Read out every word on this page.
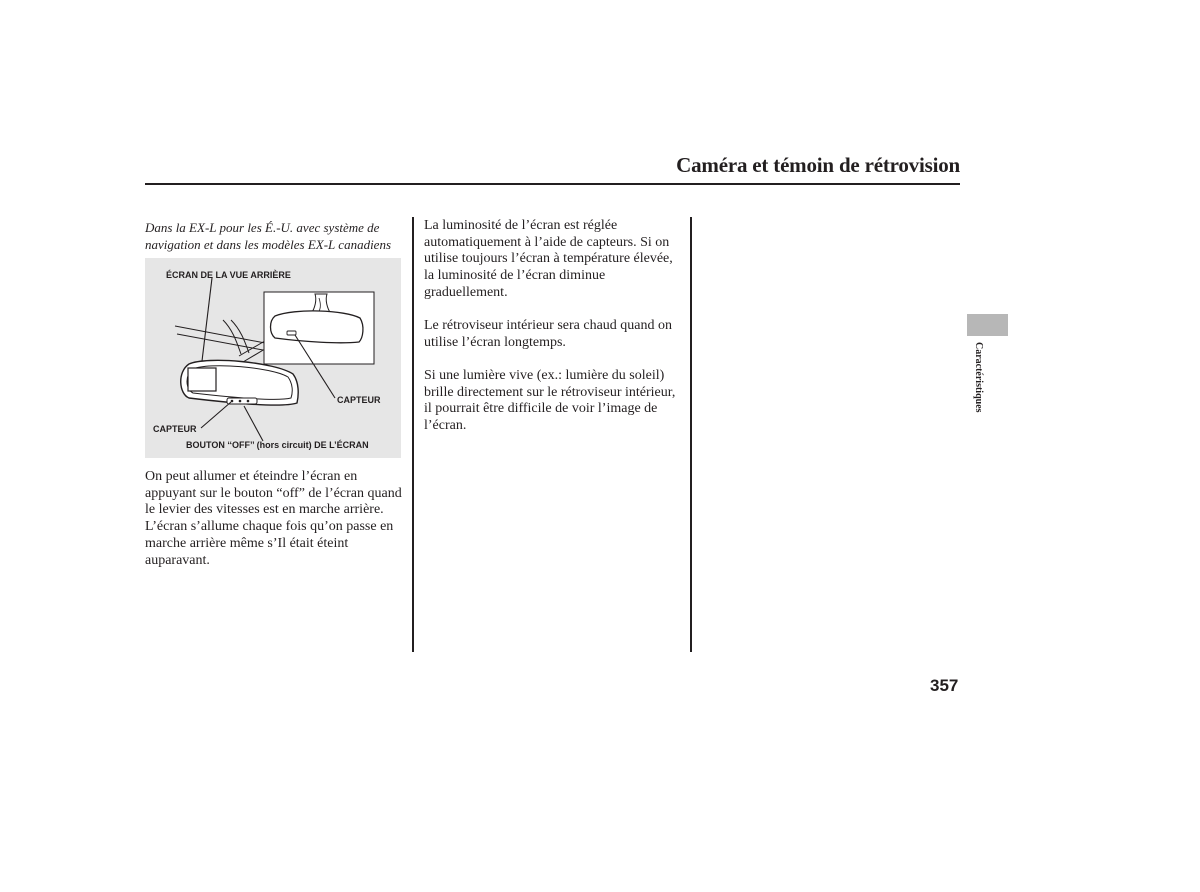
Caméra et témoin de rétrovision
Dans la EX-L pour les É.-U. avec système de navigation et dans les modèles EX-L canadiens
ÉCRAN DE LA VUE ARRIÈRE
CAPTEUR
CAPTEUR
BOUTON ‘‘OFF’’ (hors circuit) DE L’ÉCRAN

On peut allumer et éteindre l’écran en appuyant sur le bouton “off” de l’écran quand le levier des vitesses est en marche arrière. L’écran s’allume chaque fois qu’on passe en marche arrière même s’Il était éteint auparavant.

La luminosité de l’écran est réglée automatiquement à l’aide de capteurs. Si on utilise toujours l’écran à température élevée, la luminosité de l’écran diminue graduellement.

Le rétroviseur intérieur sera chaud quand on utilise l’écran longtemps.

Si une lumière vive (ex.: lumière du soleil) brille directement sur le rétroviseur intérieur, il pourrait être difficile de voir l’image de l’écran.

Caractéristiques
357
